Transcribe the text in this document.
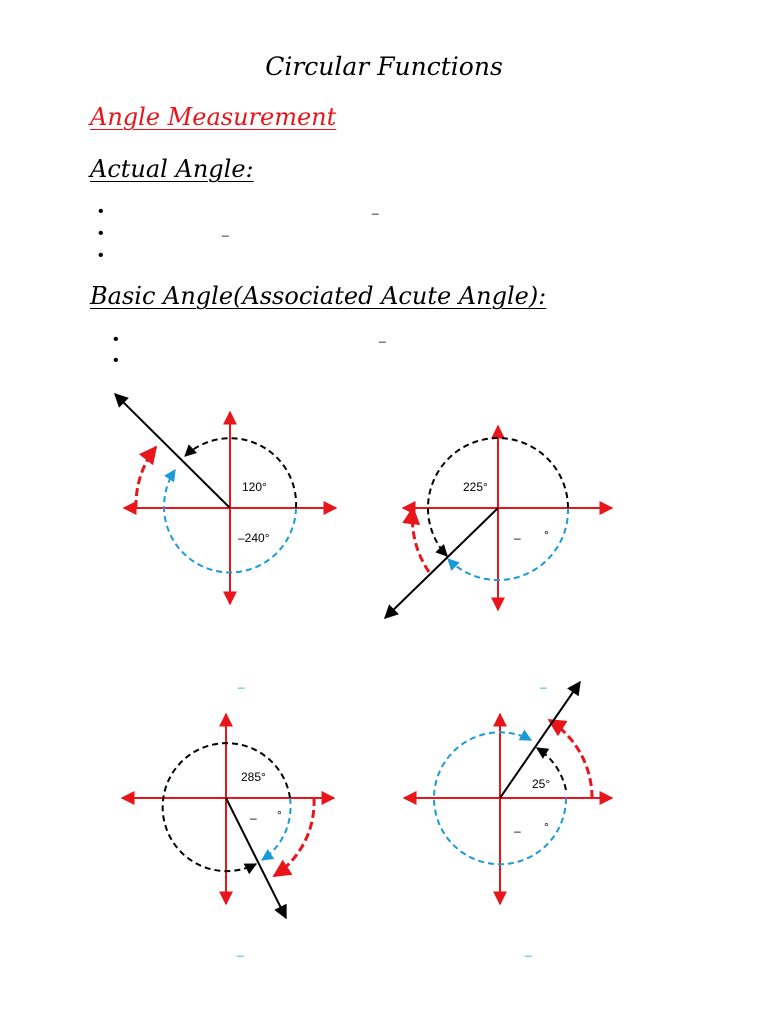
Circular Functions
Angle Measurement
Actual Angle:
•
•
•
_
_
Basic Angle(Associated Acute Angle):
•
•
_
120°
–240°
225°
– °
_	_
285°
– °
_
25°
– °
_
